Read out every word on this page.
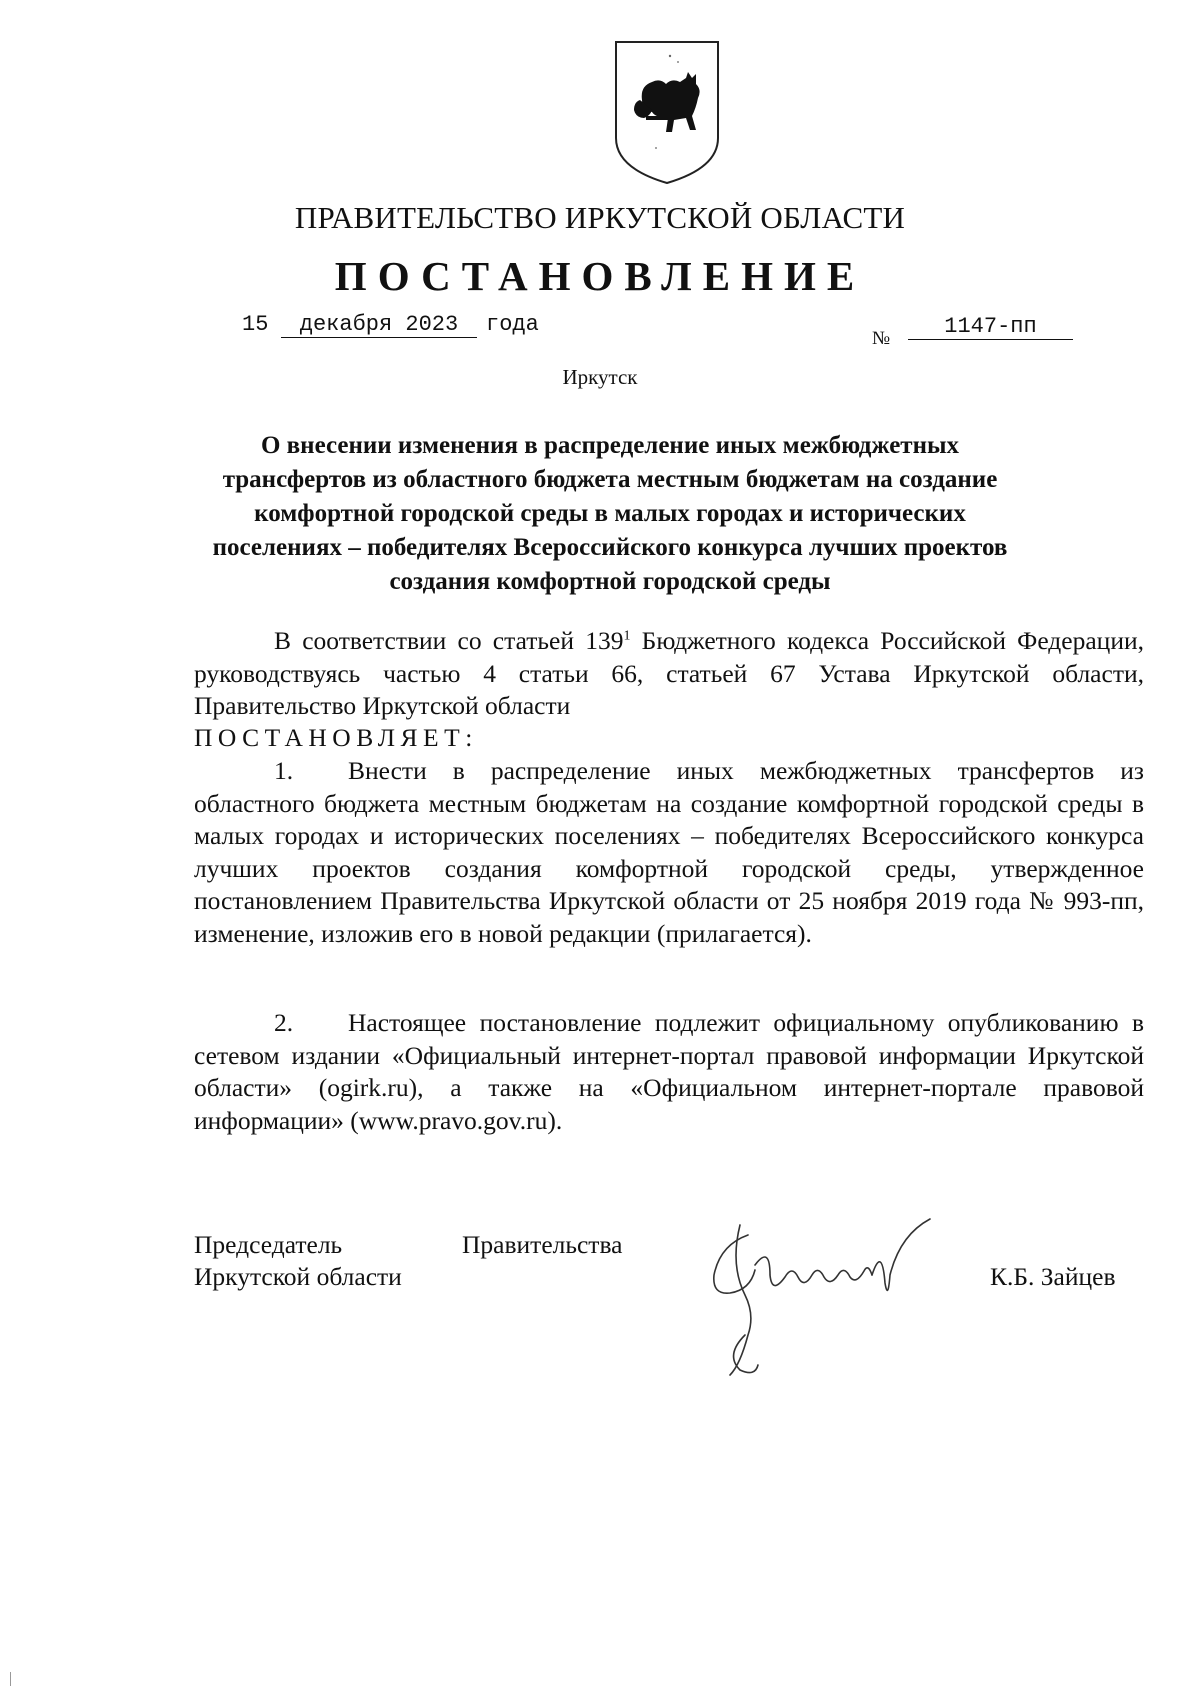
ПРАВИТЕЛЬСТВО ИРКУТСКОЙ ОБЛАСТИ
ПОСТАНОВЛЕНИЕ
15	декабря 2023	года
№	1147-пп
Иркутск

О внесении изменения в распределение иных межбюджетных трансфертов из областного бюджета местным бюджетам на создание комфортной городской среды в малых городах и исторических поселениях – победителях Всероссийского конкурса лучших проектов создания комфортной городской среды

В соответствии со статьей $139^1$ Бюджетного кодекса Российской Федерации, руководствуясь частью 4 статьи 66, статьей 67 Устава Иркутской области, Правительство Иркутской области

ПОСТАНОВЛЯЕТ:

1. Внести в распределение иных межбюджетных трансфертов из областного бюджета местным бюджетам на создание комфортной городской среды в малых городах и исторических поселениях – победителях Всероссийского конкурса лучших проектов создания комфортной городской среды, утвержденное постановлением Правительства Иркутской области от 25 ноября 2019 года № 993-пп, изменение, изложив его в новой редакции (прилагается).

2. Настоящее постановление подлежит официальному опубликованию в сетевом издании «Официальный интернет-портал правовой информации Иркутской области» (ogirk.ru), а также на «Официальном интернет-портале правовой информации» (www.pravo.gov.ru).

Председатель	Правительства
Иркутской области	К.Б. Зайцев
